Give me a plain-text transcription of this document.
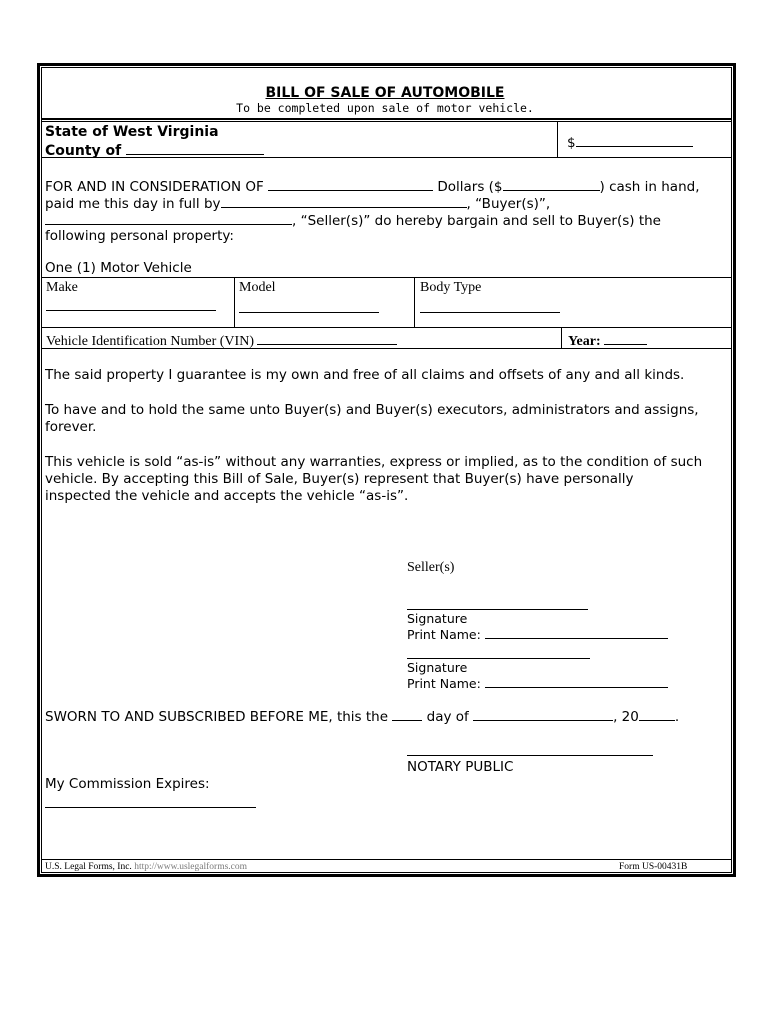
BILL OF SALE OF AUTOMOBILE
To be completed upon sale of motor vehicle.
State of West Virginia
County of	$
FOR AND IN CONSIDERATION OF	Dollars ($	) cash in hand,
paid me this day in full by	, “Buyer(s)”,
, “Seller(s)” do hereby bargain and sell to Buyer(s) the
following personal property:
One (1) Motor Vehicle
Make	Model	Body Type
Vehicle Identification Number (VIN)	Year:
The said property I guarantee is my own and free of all claims and offsets of any and all kinds.
To have and to hold the same unto Buyer(s) and Buyer(s) executors, administrators and assigns,
forever.
This vehicle is sold “as-is” without any warranties, express or implied, as to the condition of such
vehicle. By accepting this Bill of Sale, Buyer(s) represent that Buyer(s) have personally
inspected the vehicle and accepts the vehicle “as-is”.
Seller(s)
Signature
Print Name:
Signature
Print Name:
SWORN TO AND SUBSCRIBED BEFORE ME, this the	day of	, 20	.
NOTARY PUBLIC
My Commission Expires:
U.S. Legal Forms, Inc. http://www.uslegalforms.com	Form US-00431B
